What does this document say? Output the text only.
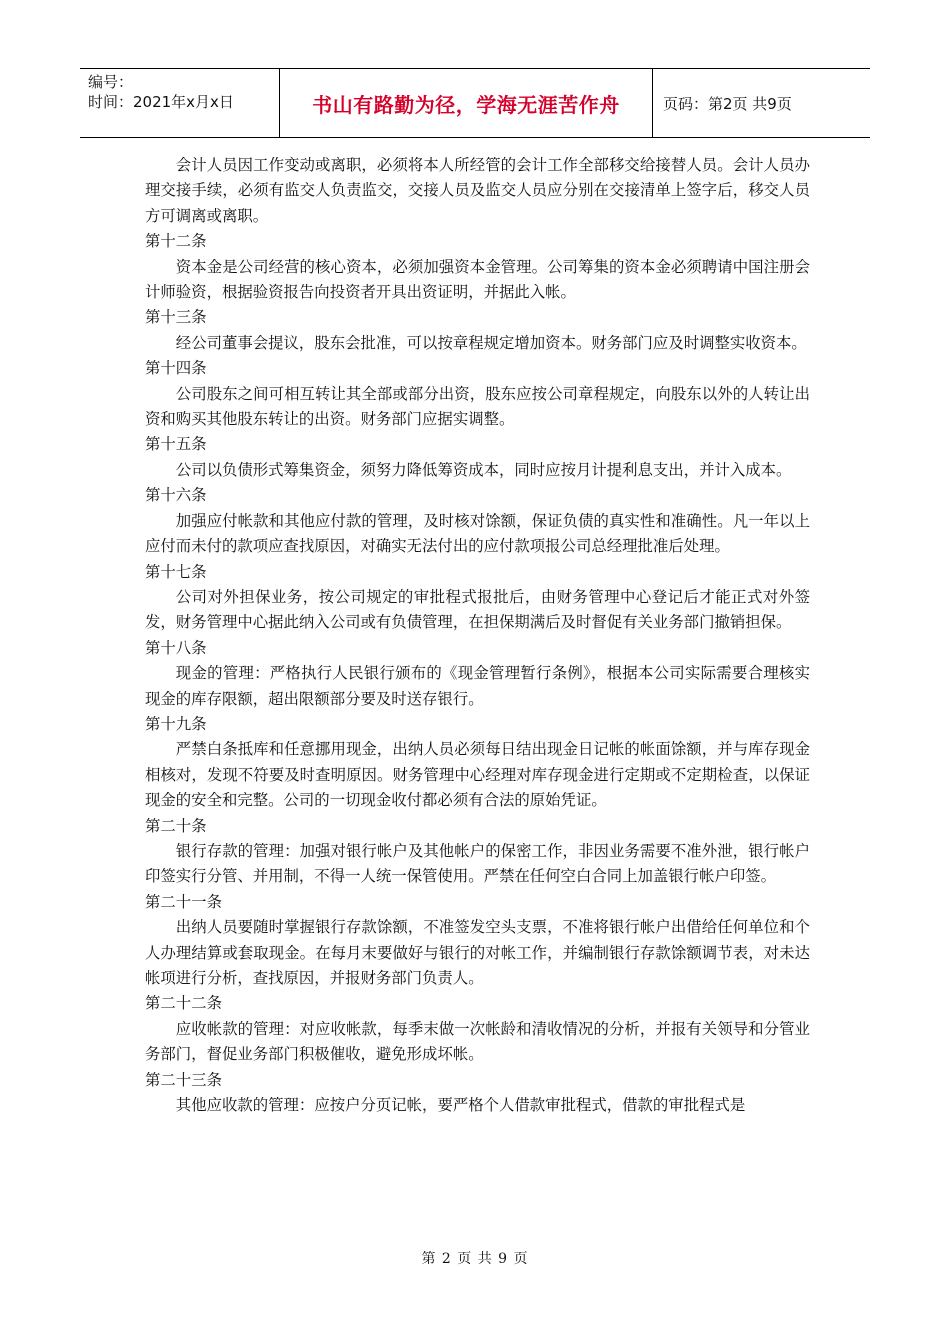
编号：
时间：2021年x月x日	书山有路勤为径，学海无涯苦作舟	页码：第2页 共9页

会计人员因工作变动或离职，必须将本人所经管的会计工作全部移交给接替人员。会计人员办理交接手续，必须有监交人负责监交，交接人员及监交人员应分别在交接清单上签字后，移交人员方可调离或离职。

第十二条

资本金是公司经营的核心资本，必须加强资本金管理。公司筹集的资本金必须聘请中国注册会计师验资，根据验资报告向投资者开具出资证明，并据此入帐。

第十三条

经公司董事会提议，股东会批准，可以按章程规定增加资本。财务部门应及时调整实收资本。

第十四条

公司股东之间可相互转让其全部或部分出资，股东应按公司章程规定，向股东以外的人转让出资和购买其他股东转让的出资。财务部门应据实调整。

第十五条

公司以负债形式筹集资金，须努力降低筹资成本，同时应按月计提利息支出，并计入成本。

第十六条

加强应付帐款和其他应付款的管理，及时核对馀额，保证负债的真实性和准确性。凡一年以上应付而未付的款项应查找原因，对确实无法付出的应付款项报公司总经理批准后处理。

第十七条

公司对外担保业务，按公司规定的审批程式报批后，由财务管理中心登记后才能正式对外签发，财务管理中心据此纳入公司或有负债管理，在担保期满后及时督促有关业务部门撤销担保。

第十八条

现金的管理：严格执行人民银行颁布的《现金管理暂行条例》，根据本公司实际需要合理核实现金的库存限额，超出限额部分要及时送存银行。

第十九条

严禁白条抵库和任意挪用现金，出纳人员必须每日结出现金日记帐的帐面馀额，并与库存现金相核对，发现不符要及时查明原因。财务管理中心经理对库存现金进行定期或不定期检查，以保证现金的安全和完整。公司的一切现金收付都必须有合法的原始凭证。

第二十条

银行存款的管理：加强对银行帐户及其他帐户的保密工作，非因业务需要不准外泄，银行帐户印签实行分管、并用制，不得一人统一保管使用。严禁在任何空白合同上加盖银行帐户印签。

第二十一条

出纳人员要随时掌握银行存款馀额，不准签发空头支票，不准将银行帐户出借给任何单位和个人办理结算或套取现金。在每月末要做好与银行的对帐工作，并编制银行存款馀额调节表，对未达帐项进行分析，查找原因，并报财务部门负责人。

第二十二条

应收帐款的管理：对应收帐款，每季末做一次帐龄和清收情况的分析，并报有关领导和分管业务部门，督促业务部门积极催收，避免形成坏帐。

第二十三条

其他应收款的管理：应按户分页记帐，要严格个人借款审批程式，借款的审批程式是

第 2 页 共 9 页
